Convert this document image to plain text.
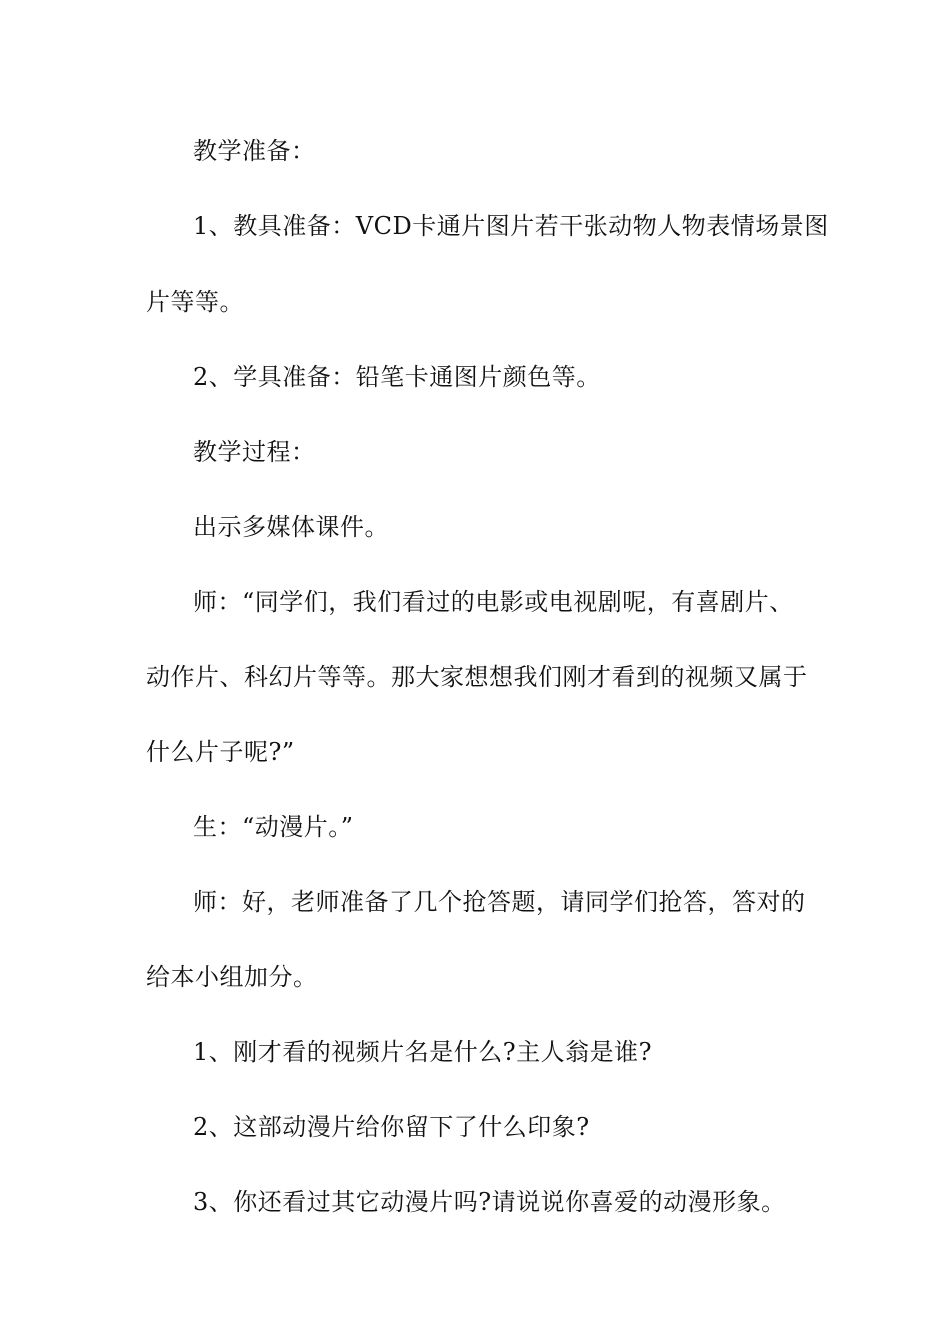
教学准备：
1、教具准备：VCD卡通片图片若干张动物人物表情场景图
片等等。
2、学具准备：铅笔卡通图片颜色等。
教学过程：
出示多媒体课件。
师：“同学们，我们看过的电影或电视剧呢，有喜剧片、
动作片、科幻片等等。那大家想想我们刚才看到的视频又属于
什么片子呢?”
生：“动漫片。”
师：好，老师准备了几个抢答题，请同学们抢答，答对的
给本小组加分。
1、刚才看的视频片名是什么?主人翁是谁?
2、这部动漫片给你留下了什么印象?
3、你还看过其它动漫片吗?请说说你喜爱的动漫形象。
